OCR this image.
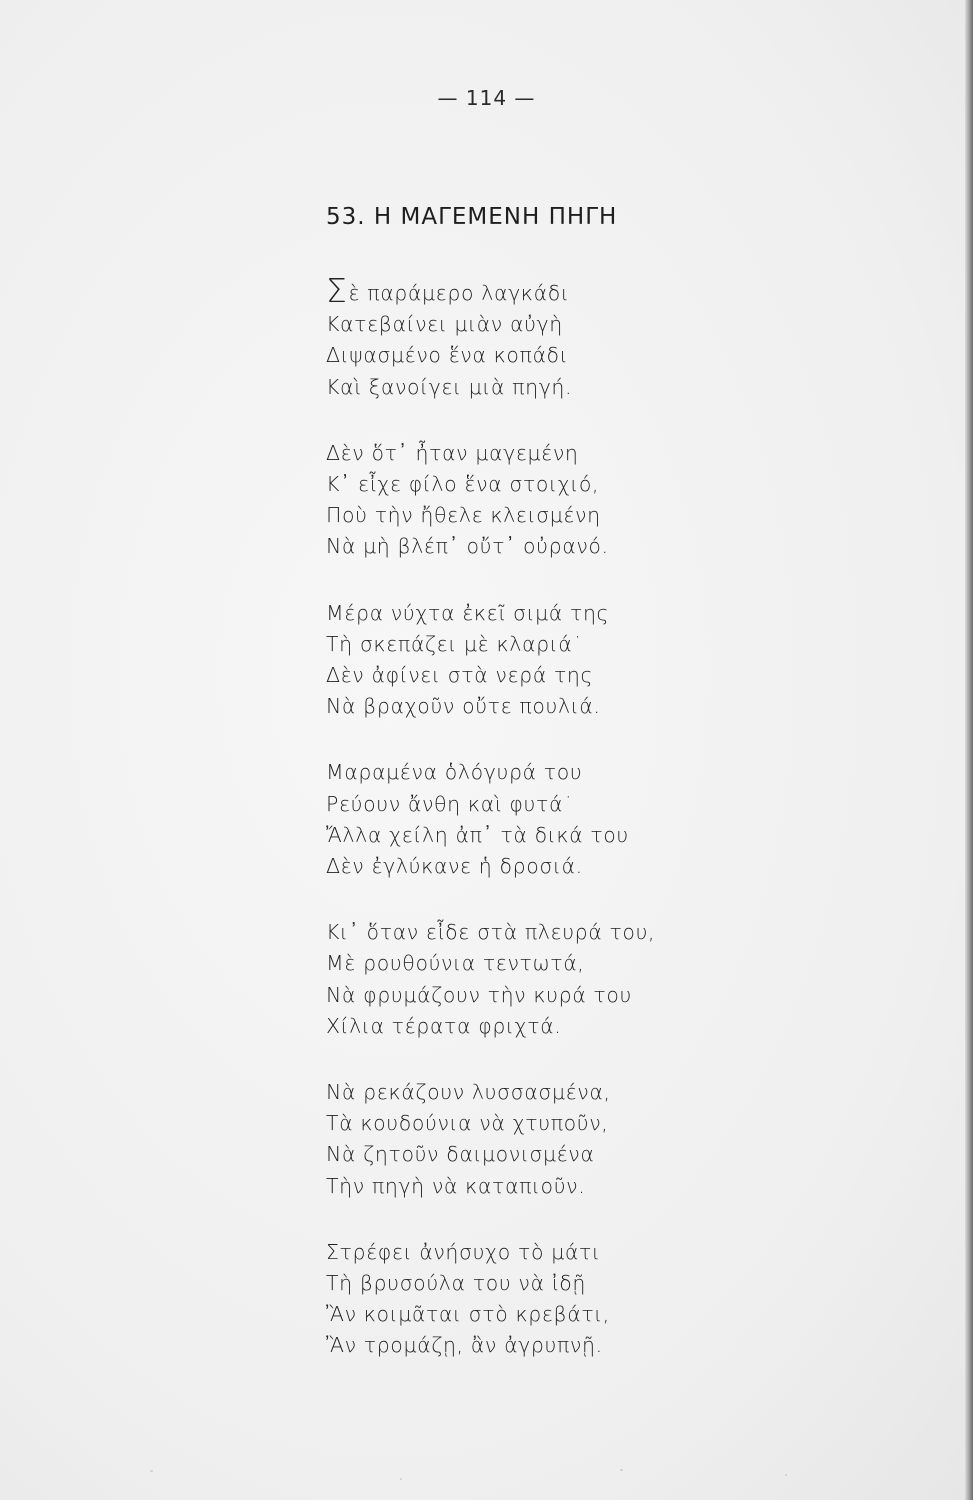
— 114 —
53. Η ΜΑΓΕΜΕΝΗ ΠΗΓΗ
Σὲ παράμερο λαγκάδι
Κατεβαίνει μιὰν αὐγὴ
Διψασμένο ἕνα κοπάδι
Καὶ ξανοίγει μιὰ πηγή.
Δὲν ὅτ᾽ ἦταν μαγεμένη
Κ᾽ εἶχε φίλο ἕνα στοιχιό,
Ποὺ τὴν ἤθελε κλεισμένη
Νὰ μὴ βλέπ᾽ οὔτ᾽ οὐρανό.
Μέρα νύχτα ἐκεῖ σιμά της
Τὴ σκεπάζει μὲ κλαριά˙
Δὲν ἀφίνει στὰ νερά της
Νὰ βραχοῦν οὔτε πουλιά.
Μαραμένα ὁλόγυρά του
Ρεύουν ἄνθη καὶ φυτά˙
Ἄλλα χείλη ἀπ᾽ τὰ δικά του
Δὲν ἐγλύκανε ἡ δροσιά.
Κι᾽ ὅταν εἶδε στὰ πλευρά του,
Μὲ ρουθούνια τεντωτά,
Νὰ φρυμάζουν τὴν κυρά του
Χίλια τέρατα φριχτά.
Νὰ ρεκάζουν λυσσασμένα,
Τὰ κουδούνια νὰ χτυποῦν,
Νὰ ζητοῦν δαιμονισμένα
Τὴν πηγὴ νὰ καταπιοῦν.
Στρέφει ἀνήσυχο τὸ μάτι
Τὴ βρυσούλα του νὰ ἰδῇ
Ἂν κοιμᾶται στὸ κρεβάτι,
Ἂν τρομάζῃ, ἂν ἀγρυπνῇ.
